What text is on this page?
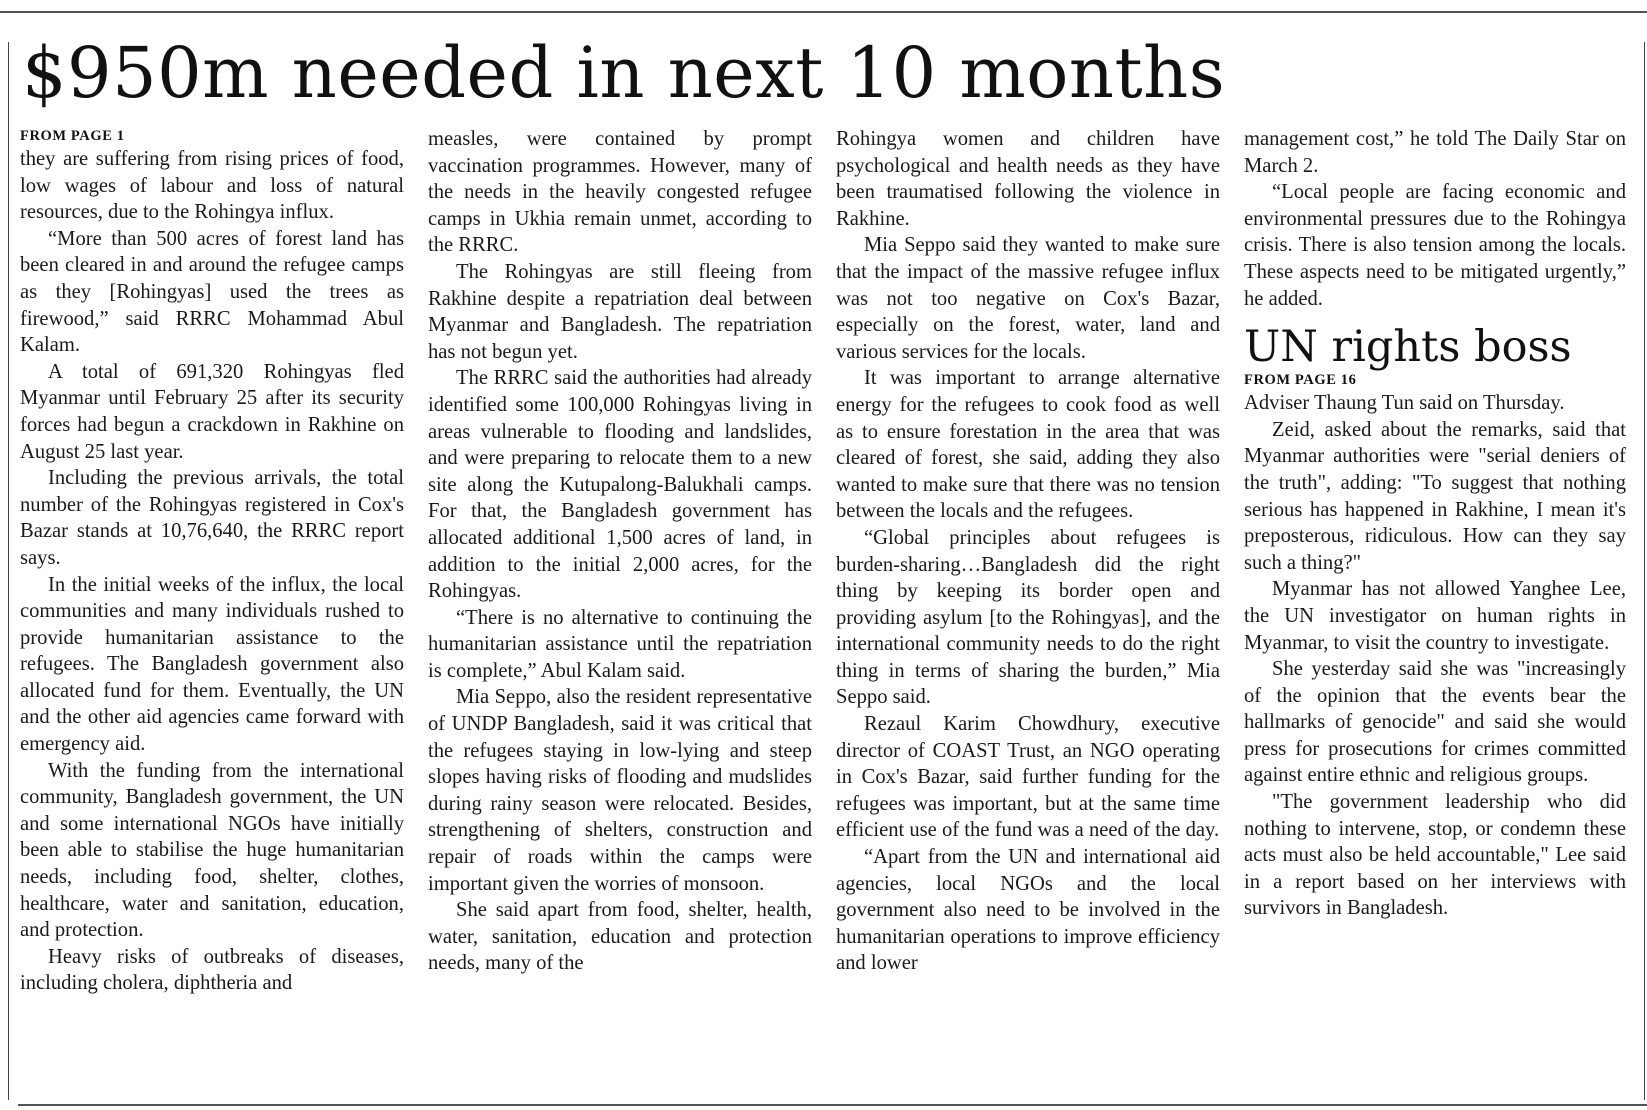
$950m needed in next 10 months
FROM PAGE 1

they are suffering from rising prices of food, low wages of labour and loss of natural resources, due to the Rohingya influx.

“More than 500 acres of forest land has been cleared in and around the refugee camps as they [Rohingyas] used the trees as firewood,” said RRRC Mohammad Abul Kalam.

A total of 691,320 Rohingyas fled Myanmar until February 25 after its security forces had begun a crackdown in Rakhine on August 25 last year.

Including the previous arrivals, the total number of the Rohingyas registered in Cox's Bazar stands at 10,76,640, the RRRC report says.

In the initial weeks of the influx, the local communities and many individuals rushed to provide humanitarian assistance to the refugees. The Bangladesh government also allocated fund for them. Eventually, the UN and the other aid agencies came forward with emergency aid.

With the funding from the international community, Bangladesh government, the UN and some international NGOs have initially been able to stabilise the huge humanitarian needs, including food, shelter, clothes, healthcare, water and sanitation, education, and protection.

Heavy risks of outbreaks of diseases, including cholera, diphtheria and

measles, were contained by prompt vaccination programmes. However, many of the needs in the heavily congested refugee camps in Ukhia remain unmet, according to the RRRC.

The Rohingyas are still fleeing from Rakhine despite a repatriation deal between Myanmar and Bangladesh. The repatriation has not begun yet.

The RRRC said the authorities had already identified some 100,000 Rohingyas living in areas vulnerable to flooding and landslides, and were preparing to relocate them to a new site along the Kutupalong-Balukhali camps. For that, the Bangladesh government has allocated additional 1,500 acres of land, in addition to the initial 2,000 acres, for the Rohingyas.

“There is no alternative to continuing the humanitarian assistance until the repatriation is complete,” Abul Kalam said.

Mia Seppo, also the resident representative of UNDP Bangladesh, said it was critical that the refugees staying in low-lying and steep slopes having risks of flooding and mudslides during rainy season were relocated. Besides, strengthening of shelters, construction and repair of roads within the camps were important given the worries of monsoon.

She said apart from food, shelter, health, water, sanitation, education and protection needs, many of the

Rohingya women and children have psychological and health needs as they have been traumatised following the violence in Rakhine.

Mia Seppo said they wanted to make sure that the impact of the massive refugee influx was not too negative on Cox's Bazar, especially on the forest, water, land and various services for the locals.

It was important to arrange alternative energy for the refugees to cook food as well as to ensure forestation in the area that was cleared of forest, she said, adding they also wanted to make sure that there was no tension between the locals and the refugees.

“Global principles about refugees is burden-sharing…Bangladesh did the right thing by keeping its border open and providing asylum [to the Rohingyas], and the international community needs to do the right thing in terms of sharing the burden,” Mia Seppo said.

Rezaul Karim Chowdhury, executive director of COAST Trust, an NGO operating in Cox's Bazar, said further funding for the refugees was important, but at the same time efficient use of the fund was a need of the day.

“Apart from the UN and international aid agencies, local NGOs and the local government also need to be involved in the humanitarian operations to improve efficiency and lower

management cost,” he told The Daily Star on March 2.

“Local people are facing economic and environmental pressures due to the Rohingya crisis. There is also tension among the locals. These aspects need to be mitigated urgently,” he added.

UN rights boss
FROM PAGE 16

Adviser Thaung Tun said on Thursday.

Zeid, asked about the remarks, said that Myanmar authorities were "serial deniers of the truth", adding: "To suggest that nothing serious has happened in Rakhine, I mean it's preposterous, ridiculous. How can they say such a thing?"

Myanmar has not allowed Yanghee Lee, the UN investigator on human rights in Myanmar, to visit the country to investigate.

She yesterday said she was "increasingly of the opinion that the events bear the hallmarks of genocide" and said she would press for prosecutions for crimes committed against entire ethnic and religious groups.

"The government leadership who did nothing to intervene, stop, or condemn these acts must also be held accountable," Lee said in a report based on her interviews with survivors in Bangladesh.
